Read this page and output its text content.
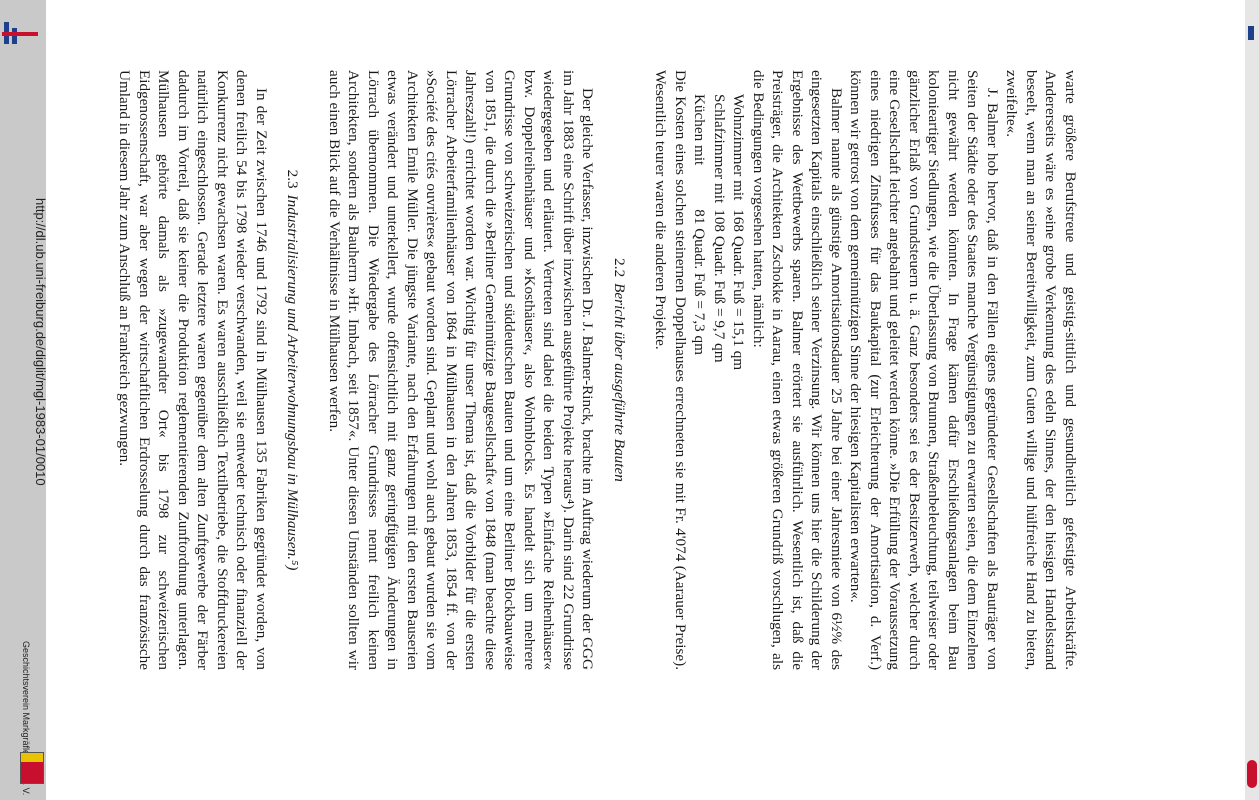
http://dl.ub.uni-freiburg.de/diglit/mgl-1983-01/0010
Geschichtsverein

warte größere Berufstreue und geistig-sittlich und gesundheitlich gefestigte Arbeitskräfte. Andererseits wäre es »eine grobe Verkennung des edeln Sinnes, der den hiesigen Handelsstand beseelt, wenn man an seiner Bereitwilligkeit, zum Guten willige und hülfreiche Hand zu bieten, zweifelte«.

J. Balmer hob hervor, daß in den Fällen eigens gegründeter Gesellschaften als Bauträger von Seiten der Städte oder des Staates manche Vergünstigungen zu erwarten seien, die dem Einzelnen nicht gewährt werden könnten. In Frage kämen dafür Erschließungsanlagen beim Bau kolonieartiger Siedlungen, wie die Überlassung von Brunnen, Straßenbeleuchtung, teilweiser oder gänzlicher Erlaß von Grundsteuern u. ä. Ganz besonders sei es der Besitzerwerb, welcher durch eine Gesellschaft leichter angebahnt und geleitet werden könne. »Die Erfüllung der Voraussetzung eines niedrigen Zinsfusses für das Baukapital (zur Erleichterung der Amortisation, d. Verf.) können wir getrost von dem gemeinnützigen Sinne der hiesigen Kapitalisten erwarten«.

Balmer nannte als günstige Amortisationsdauer 25 Jahre bei einer Jahresmiete von 6½% des eingesetzten Kapitals einschließlich seiner Verzinsung. Wir können uns hier die Schilderung der Ergebnisse des Wettbewerbs sparen. Balmer erörtert sie ausführlich. Wesentlich ist, daß die Preisträger, die Architekten Zschokke in Aarau, einen etwas größeren Grundriß vorschlugen, als die Bedingungen vorgesehen hatten, nämlich:

Wohnzimmer mit	168 Quadr. Fuß = 15,1 qm
Schlafzimmer mit	108 Quadr. Fuß = 9,7 qm
Küchen mit	81 Quadr. Fuß = 7,3 qm

Die Kosten eines solchen steinernen Doppelhauses errechneten sie mit Fr. 4'074 (Aarauer Preise). Wesentlich teurer waren die anderen Projekte.

2.2Bericht über ausgeführte Bauten

Der gleiche Verfasser, inzwischen Dr. J. Balmer-Rinck, brachte im Auftrag wiederum der GGG im Jahr 1883 eine Schrift über inzwischen ausgeführte Projekte heraus⁴). Darin sind 22 Grundrisse wiedergegeben und erläutert. Vertreten sind dabei die beiden Typen »Einfache Reihenhäuser« bzw. Doppelreihenhäuser und »Kosthäuser«, also Wohnblocks. Es handelt sich um mehrere Grundrisse von schweizerischen und süddeutschen Bauten und um eine Berliner Blockbauweise von 1851, die durch die »Berliner Gemeinnützige Baugesellschaft« von 1848 (man beachte diese Jahreszahl!) errichtet worden war. Wichtig für unser Thema ist, daß die Vorbilder für die ersten Lörracher Arbeiterfamilienhäuser von 1864 in Mülhausen in den Jahren 1853, 1854 ff. von der »Société des cités ouvrières« gebaut worden sind. Geplant und wohl auch gebaut wurden sie vom Architekten Emile Müller. Die jüngste Variante, nach den Erfahrungen mit den ersten Bauserien etwas verändert und unterkellert, wurde offensichtlich mit ganz geringfügigen Änderungen in Lörrach übernommen. Die Wiedergabe des Lörracher Grundrisses nennt freilich keinen Architekten, sondern als Bauherrn »Hr. Imbach, seit 1857«. Unter diesen Umständen sollten wir auch einen Blick auf die Verhältnisse in Mülhausen werfen.

2.3Industrialisierung und Arbeiterwohnungsbau in Mülhausen.⁵)

In der Zeit zwischen 1746 und 1792 sind in Mülhausen 135 Fabriken gegründet worden, von denen freilich 54 bis 1798 wieder verschwanden, weil sie entweder technisch oder finanziell der Konkurrenz nicht gewachsen waren. Es waren ausschließlich Textilbetriebe, die Stoffdruckereien natürlich eingeschlossen. Gerade letztere waren gegenüber dem alten Zunftgewerbe der Färber dadurch im Vorteil, daß sie keiner die Produktion reglementierenden Zunftordnung unterlagen. Mülhausen gehörte damals als »zugewandter Ort« bis 1798 zur schweizerischen Eidgenossenschaft, war aber wegen der wirtschaftlichen Erdrosselung durch das französische Umland in diesem Jahr zum Anschluß an Frankreich gezwungen.
